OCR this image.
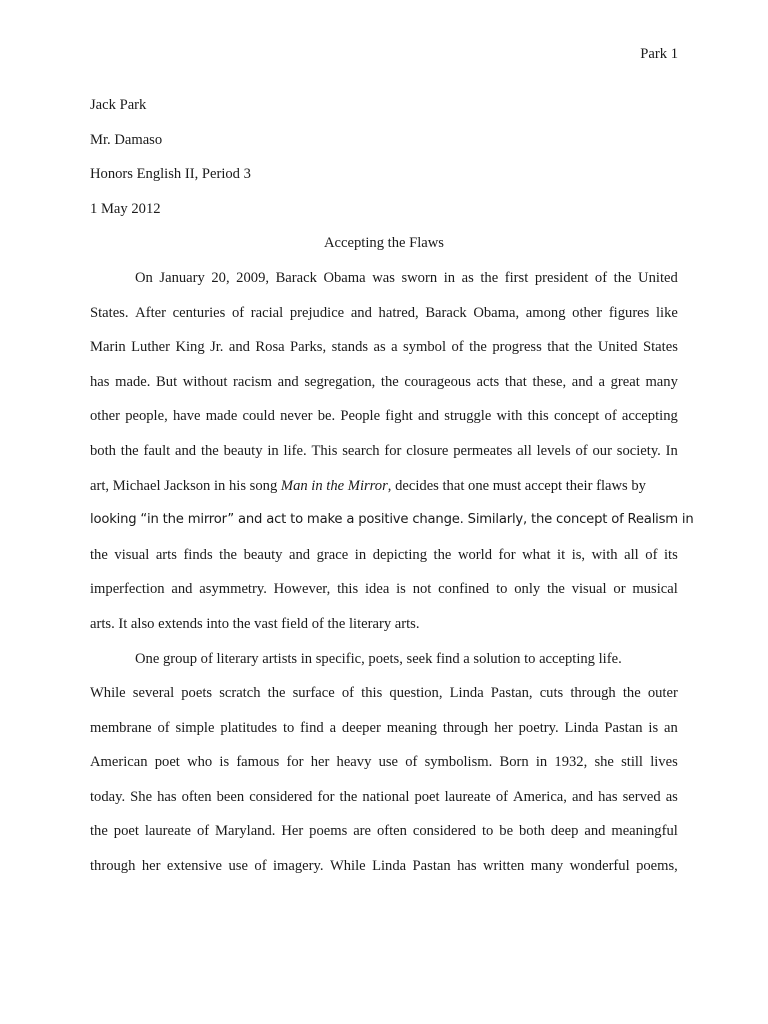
Park 1
Jack Park
Mr. Damaso
Honors English II, Period 3
1 May 2012
Accepting the Flaws
On January 20, 2009, Barack Obama was sworn in as the first president of the United
States. After centuries of racial prejudice and hatred, Barack Obama, among other figures like
Marin Luther King Jr. and Rosa Parks, stands as a symbol of the progress that the United States
has made. But without racism and segregation, the courageous acts that these, and a great many
other people, have made could never be. People fight and struggle with this concept of accepting
both the fault and the beauty in life. This search for closure permeates all levels of our society. In
art, Michael Jackson in his song Man in the Mirror , decides that one must accept their flaws by
looking “in the mirror” and act to make a positive change. Similarly, the concept of Realism in
the visual arts finds the beauty and grace in depicting the world for what it is, with all of its
imperfection and asymmetry. However, this idea is not confined to only the visual or musical
arts. It also extends into the vast field of the literary arts.
One group of literary artists in specific, poets, seek find a solution to accepting life.
While several poets scratch the surface of this question, Linda Pastan, cuts through the outer
membrane of simple platitudes to find a deeper meaning through her poetry. Linda Pastan is an
American poet who is famous for her heavy use of symbolism. Born in 1932, she still lives
today. She has often been considered for the national poet laureate of America, and has served as
the poet laureate of Maryland. Her poems are often considered to be both deep and meaningful
through her extensive use of imagery. While Linda Pastan has written many wonderful poems,
